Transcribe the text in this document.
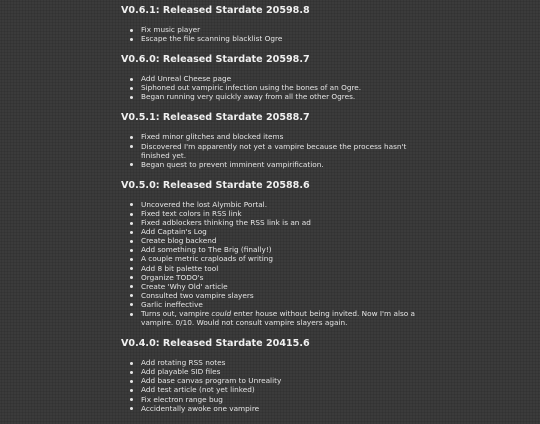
V0.6.1: Released Stardate 20598.8
Fix music player
Escape the file scanning blacklist Ogre
V0.6.0: Released Stardate 20598.7
Add Unreal Cheese page
Siphoned out vampiric infection using the bones of an Ogre.
Began running very quickly away from all the other Ogres.
V0.5.1: Released Stardate 20588.7
Fixed minor glitches and blocked items
Discovered I'm apparently not yet a vampire because the process hasn't finished yet.
Began quest to prevent imminent vampirification.
V0.5.0: Released Stardate 20588.6
Uncovered the lost Alymbic Portal.
Fixed text colors in RSS link
Fixed adblockers thinking the RSS link is an ad
Add Captain's Log
Create blog backend
Add something to The Brig (finally!)
A couple metric craploads of writing
Add 8 bit palette tool
Organize TODO's
Create 'Why Old' article
Consulted two vampire slayers
Garlic ineffective
Turns out, vampire could enter house without being invited. Now I'm also a vampire. 0/10. Would not consult vampire slayers again.
V0.4.0: Released Stardate 20415.6
Add rotating RSS notes
Add playable SID files
Add base canvas program to Unreality
Add test article (not yet linked)
Fix electron range bug
Accidentally awoke one vampire
